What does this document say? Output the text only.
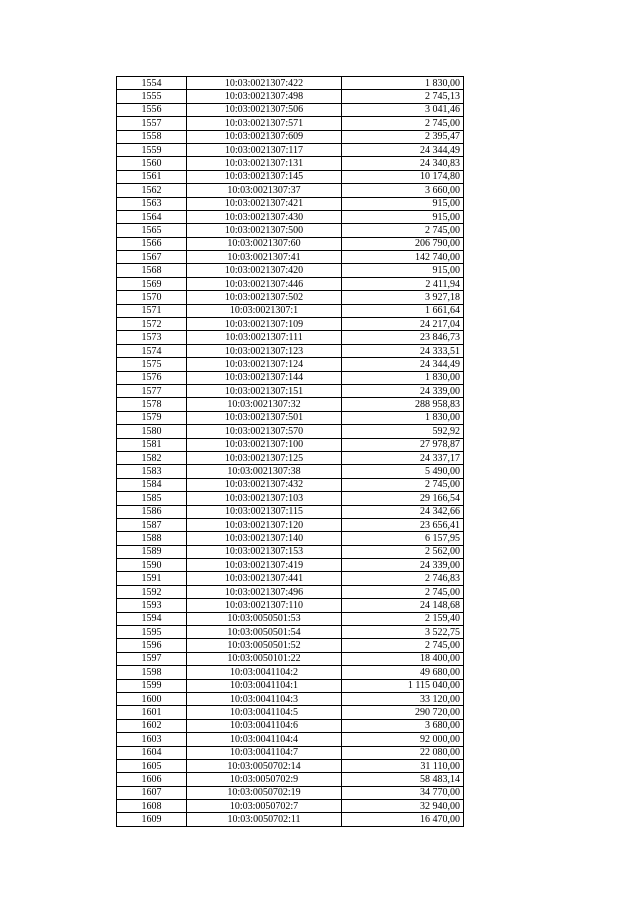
1554	10:03:0021307:422	1 830,00
1555	10:03:0021307:498	2 745,13
1556	10:03:0021307:506	3 041,46
1557	10:03:0021307:571	2 745,00
1558	10:03:0021307:609	2 395,47
1559	10:03:0021307:117	24 344,49
1560	10:03:0021307:131	24 340,83
1561	10:03:0021307:145	10 174,80
1562	10:03:0021307:37	3 660,00
1563	10:03:0021307:421	915,00
1564	10:03:0021307:430	915,00
1565	10:03:0021307:500	2 745,00
1566	10:03:0021307:60	206 790,00
1567	10:03:0021307:41	142 740,00
1568	10:03:0021307:420	915,00
1569	10:03:0021307:446	2 411,94
1570	10:03:0021307:502	3 927,18
1571	10:03:0021307:1	1 661,64
1572	10:03:0021307:109	24 217,04
1573	10:03:0021307:111	23 846,73
1574	10:03:0021307:123	24 333,51
1575	10:03:0021307:124	24 344,49
1576	10:03:0021307:144	1 830,00
1577	10:03:0021307:151	24 339,00
1578	10:03:0021307:32	288 958,83
1579	10:03:0021307:501	1 830,00
1580	10:03:0021307:570	592,92
1581	10:03:0021307:100	27 978,87
1582	10:03:0021307:125	24 337,17
1583	10:03:0021307:38	5 490,00
1584	10:03:0021307:432	2 745,00
1585	10:03:0021307:103	29 166,54
1586	10:03:0021307:115	24 342,66
1587	10:03:0021307:120	23 656,41
1588	10:03:0021307:140	6 157,95
1589	10:03:0021307:153	2 562,00
1590	10:03:0021307:419	24 339,00
1591	10:03:0021307:441	2 746,83
1592	10:03:0021307:496	2 745,00
1593	10:03:0021307:110	24 148,68
1594	10:03:0050501:53	2 159,40
1595	10:03:0050501:54	3 522,75
1596	10:03:0050501:52	2 745,00
1597	10:03:0050101:22	18 400,00
1598	10:03:0041104:2	49 680,00
1599	10:03:0041104:1	1 115 040,00
1600	10:03:0041104:3	33 120,00
1601	10:03:0041104:5	290 720,00
1602	10:03:0041104:6	3 680,00
1603	10:03:0041104:4	92 000,00
1604	10:03:0041104:7	22 080,00
1605	10:03:0050702:14	31 110,00
1606	10:03:0050702:9	58 483,14
1607	10:03:0050702:19	34 770,00
1608	10:03:0050702:7	32 940,00
1609	10:03:0050702:11	16 470,00
